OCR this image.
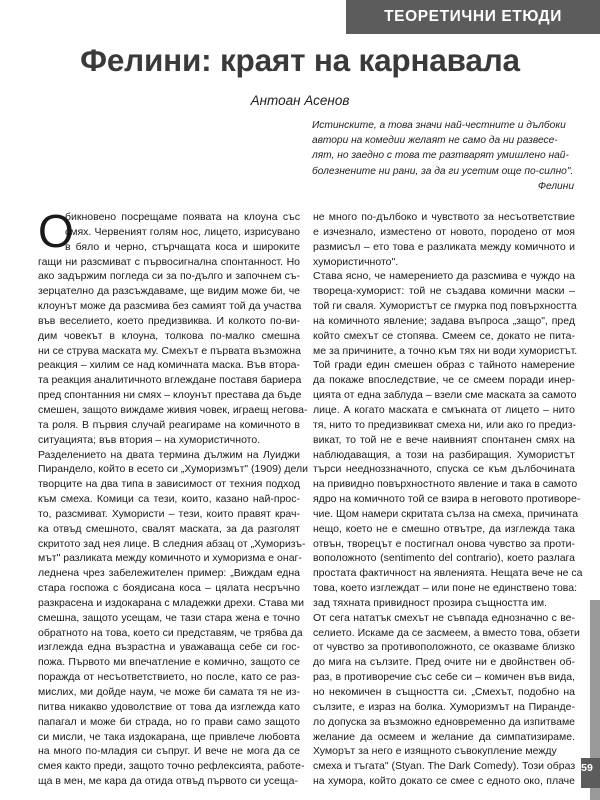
ТЕОРЕТИЧНИ ЕТЮДИ
Фелини: краят на карнавала
Антоан Асенов
Истинските, а това значи най-честните и дълбоки
автори на комедии желаят не само да ни развесе-
лят, но заедно с това те разтварят умишлено най-
болезнените ни рани, за да ги усетим още по-силно".
Фелини
О
бикновено посрещаме появата на клоуна със
смях. Червеният голям нос, лицето, изрисувано
в бяло и черно, стърчащата коса и широките
гащи ни разсмиват с първосигнална спонтанност. Но
ако задържим погледа си за по-дълго и започнем съ-
зерцателно да разсъждаваме, ще видим може би, че
клоунът може да разсмива без самият той да участва
във веселието, което предизвиква. И колкото по-ви-
дим човекът в клоуна, толкова по-малко смешна
ни се струва маската му. Смехът е първата възможна
реакция – хилим се над комичната маска. Във втора-
та реакция аналитичното вглеждане поставя бариера
пред спонтанния ни смях – клоунът престава да бъде
смешен, защото виждаме живия човек, играещ негова-
та роля. В първия случай реагираме на комичното в
ситуацията; във втория – на хумористичното.
Разделението на двата термина дължим на Луиджи
Пирандело, който в есето си „Хуморизмът" (1909) дели
творците на два типа в зависимост от техния подход
към смеха. Комици са тези, които, казано най-прос-
то, разсмиват. Хумористи – тези, които правят крач-
ка отвъд смешното, свалят маската, за да разголят
скритото зад нея лице. В следния абзац от „Хуморизъ-
мът" разликата между комичното и хуморизма е онаг-
леднена чрез забележителен пример: „Виждам една
стара госпожа с боядисана коса – цялата несръчно
разкрасена и издокарана с младежки дрехи. Става ми
смешна, защото усещам, че тази стара жена е точно
обратното на това, което си представям, че трябва да
изглежда една възрастна и уважаваща себе си гос-
пожа. Първото ми впечатление е комично, защото се
поражда от несъответствието, но после, като се раз-
мислих, ми дойде наум, че може би самата тя не из-
питва никакво удоволствие от това да изглежда като
папагал и може би страда, но го прави само защото
си мисли, че така издокарана, ще привлече любовта
на много по-младия си съпруг. И вече не мога да се
смея както преди, защото точно рефлексията, работе-
ща в мен, ме кара да отида отвъд първото си усеща-
не много по-дълбоко и чувството за несъответствие
е изчезнало, изместено от новото, породено от моя
размисъл – ето това е разликата между комичното и
хумористичното".
Става ясно, че намерението да разсмива е чуждо на
твореца-хуморист: той не създава комични маски –
той ги сваля. Хумористът се гмурка под повърхността
на комичното явление; задава въпроса „защо", пред
който смехът се стопява. Смеем се, докато не пита-
ме за причините, а точно към тях ни води хумористът.
Той гради един смешен образ с тайното намерение
да покаже впоследствие, че се смеем поради инер-
цията от една заблуда – взели сме маската за самото
лице. А когато маската е смъкната от лицето – нито
тя, нито то предизвикват смеха ни, или ако го предиз-
викат, то той не е вече наивният спонтанен смях на
наблюдаващия, а този на разбиращия. Хумористът
търси неедноззначното, спуска се към дълбочината
на привидно повърхностното явление и така в самото
ядро на комичното той се взира в неговото противоре-
чие. Щом намери скритата сълза на смеха, причината
нещо, което не е смешно отвътре, да изглежда така
отвън, творецът е постигнал онова чувство за проти-
воположното (sentimento del contrario), което разлага
простата фактичност на явленията. Нещата вече не са
това, което изглеждат – или поне не единствено това:
зад тяхната привидност прозира същността им.
От сега нататък смехът не съвпада еднозначно с ве-
селието. Искаме да се засмеем, а вместо това, обзети
от чувство за противоположното, се оказваме близко
до мига на сълзите. Пред очите ни е двойнствен об-
раз, в противоречие със себе си – комичен във вида,
но некомичен в същността си. „Смехът, подобно на
сълзите, е израз на болка. Хуморизмът на Пиранде-
ло допуска за възможно едновременно да изпитваме
желание да осмеем и желание да симпатизираме.
Хуморът за него е изящното съвокупление между
смеха и тъгата" (Styan. The Dark Comedy). Този образ
на хумора, който докато се смее с едното око, плаче
59
